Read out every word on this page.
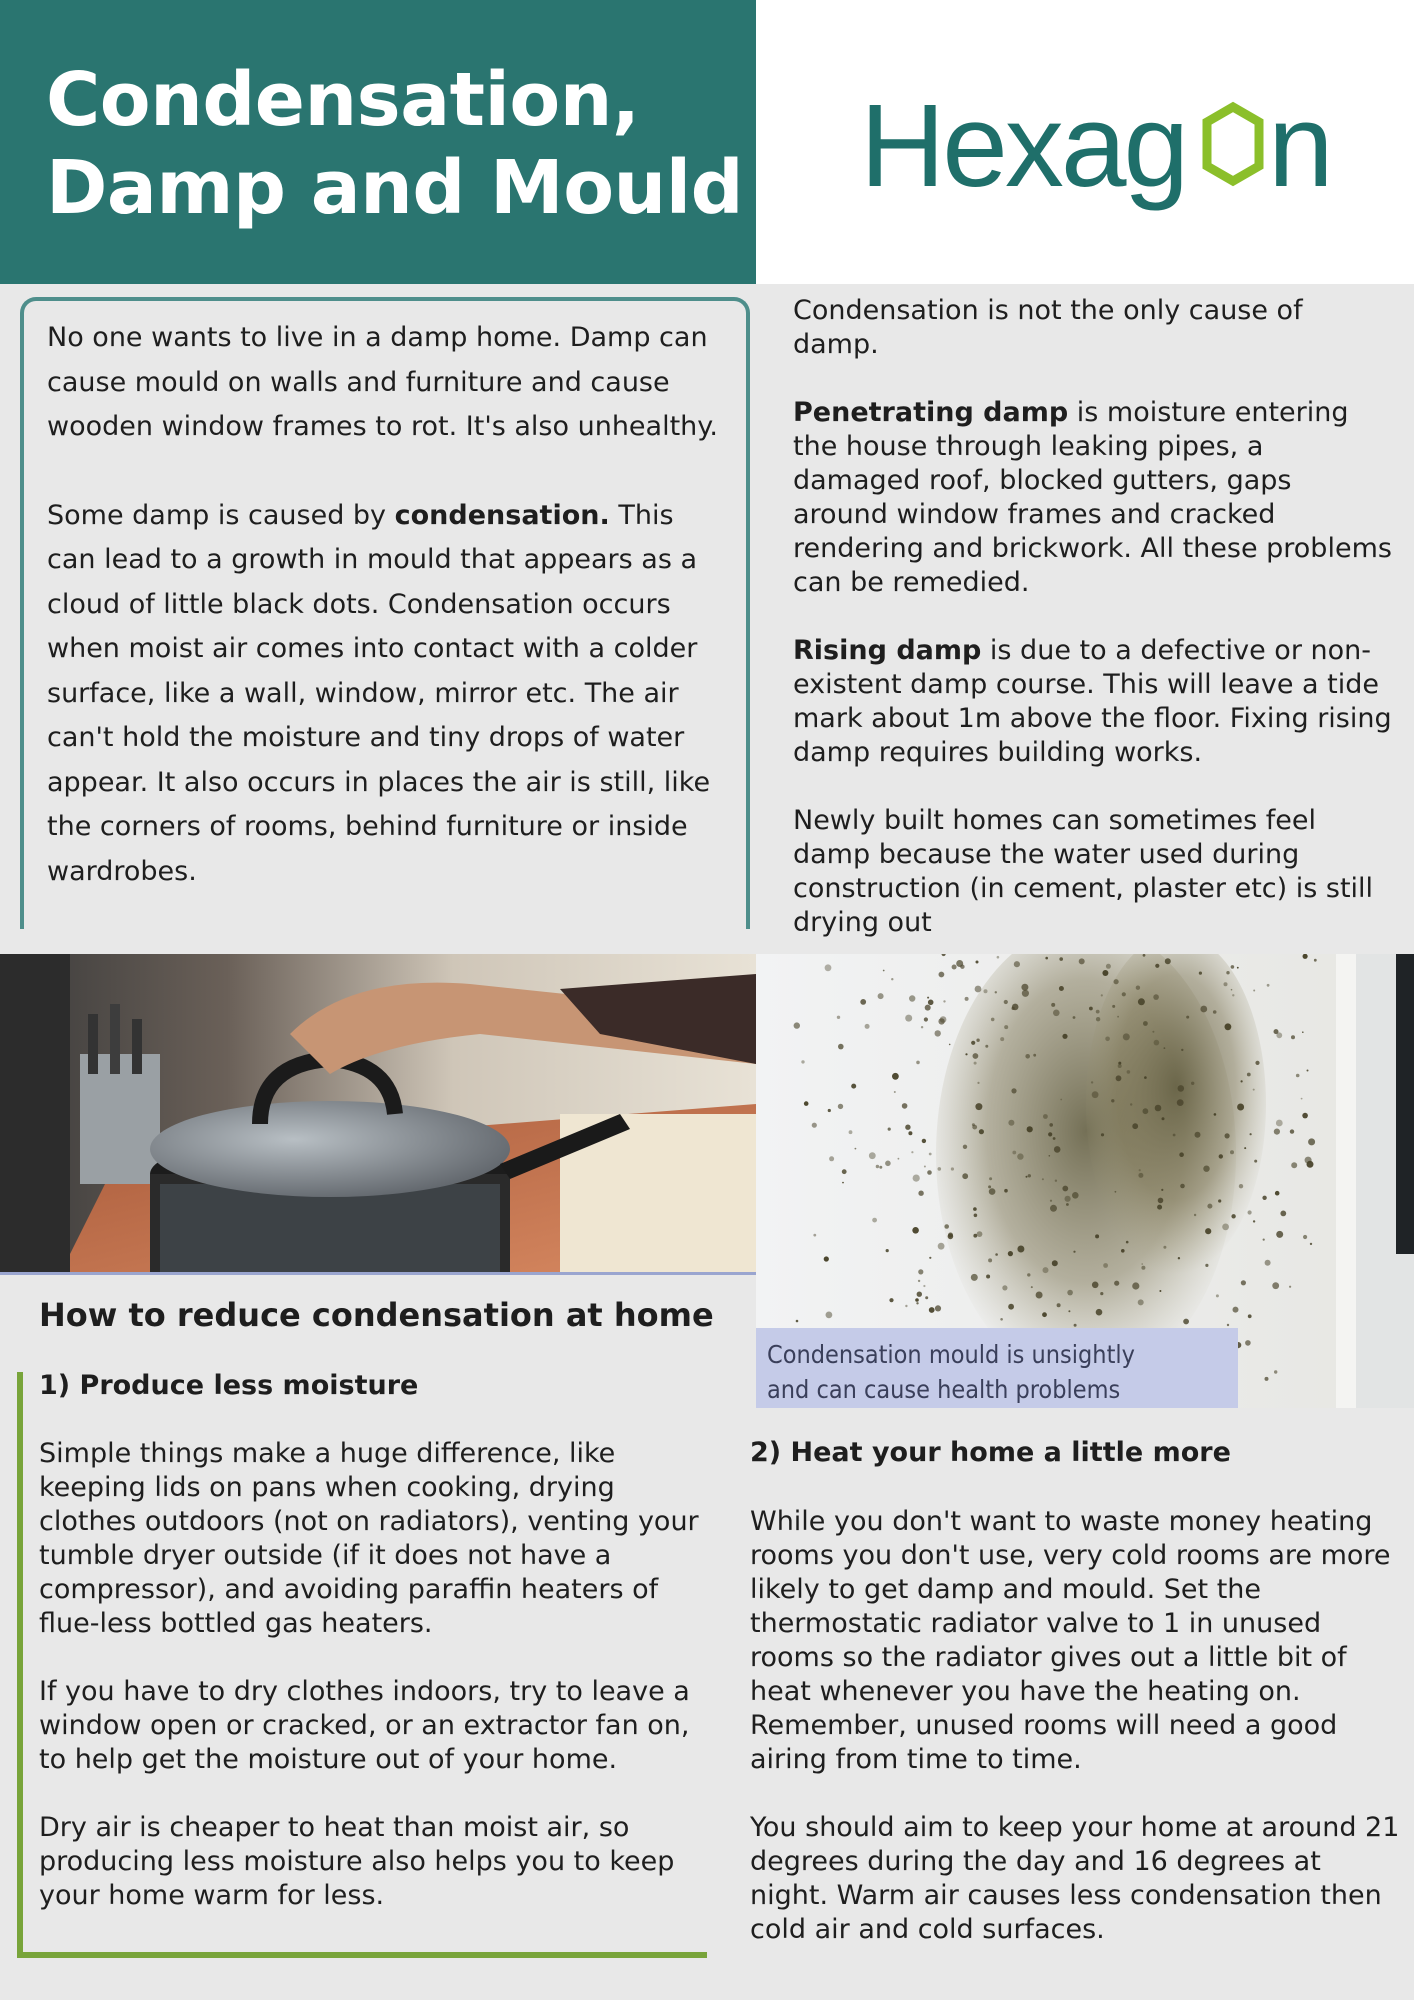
Condensation,
Damp and Mould Hexag n

No one wants to live in a damp home. Damp can cause mould on walls and furniture and cause wooden window frames to rot. It's also unhealthy.

Some damp is caused by condensation. This can lead to a growth in mould that appears as a cloud of little black dots. Condensation occurs when moist air comes into contact with a colder surface, like a wall, window, mirror etc. The air can't hold the moisture and tiny drops of water appear. It also occurs in places the air is still, like the corners of rooms, behind furniture or inside wardrobes.

Condensation is not the only cause of damp.

Penetrating damp is moisture entering the house through leaking pipes, a damaged roof, blocked gutters, gaps around window frames and cracked rendering and brickwork. All these problems can be remedied.

Rising damp is due to a defective or non-existent damp course. This will leave a tide mark about 1m above the floor. Fixing rising damp requires building works.

Newly built homes can sometimes feel damp because the water used during construction (in cement, plaster etc) is still drying out

Condensation mould is unsightly
and can cause health problems
How to reduce condensation at home
1) Produce less moisture

Simple things make a huge difference, like keeping lids on pans when cooking, drying clothes outdoors (not on radiators), venting your tumble dryer outside (if it does not have a compressor), and avoiding paraffin heaters of flue-less bottled gas heaters.

If you have to dry clothes indoors, try to leave a window open or cracked, or an extractor fan on, to help get the moisture out of your home.

Dry air is cheaper to heat than moist air, so producing less moisture also helps you to keep your home warm for less.

2) Heat your home a little more

While you don't want to waste money heating rooms you don't use, very cold rooms are more likely to get damp and mould. Set the thermostatic radiator valve to 1 in unused rooms so the radiator gives out a little bit of heat whenever you have the heating on. Remember, unused rooms will need a good airing from time to time.

You should aim to keep your home at around 21 degrees during the day and 16 degrees at night. Warm air causes less condensation then cold air and cold surfaces.
